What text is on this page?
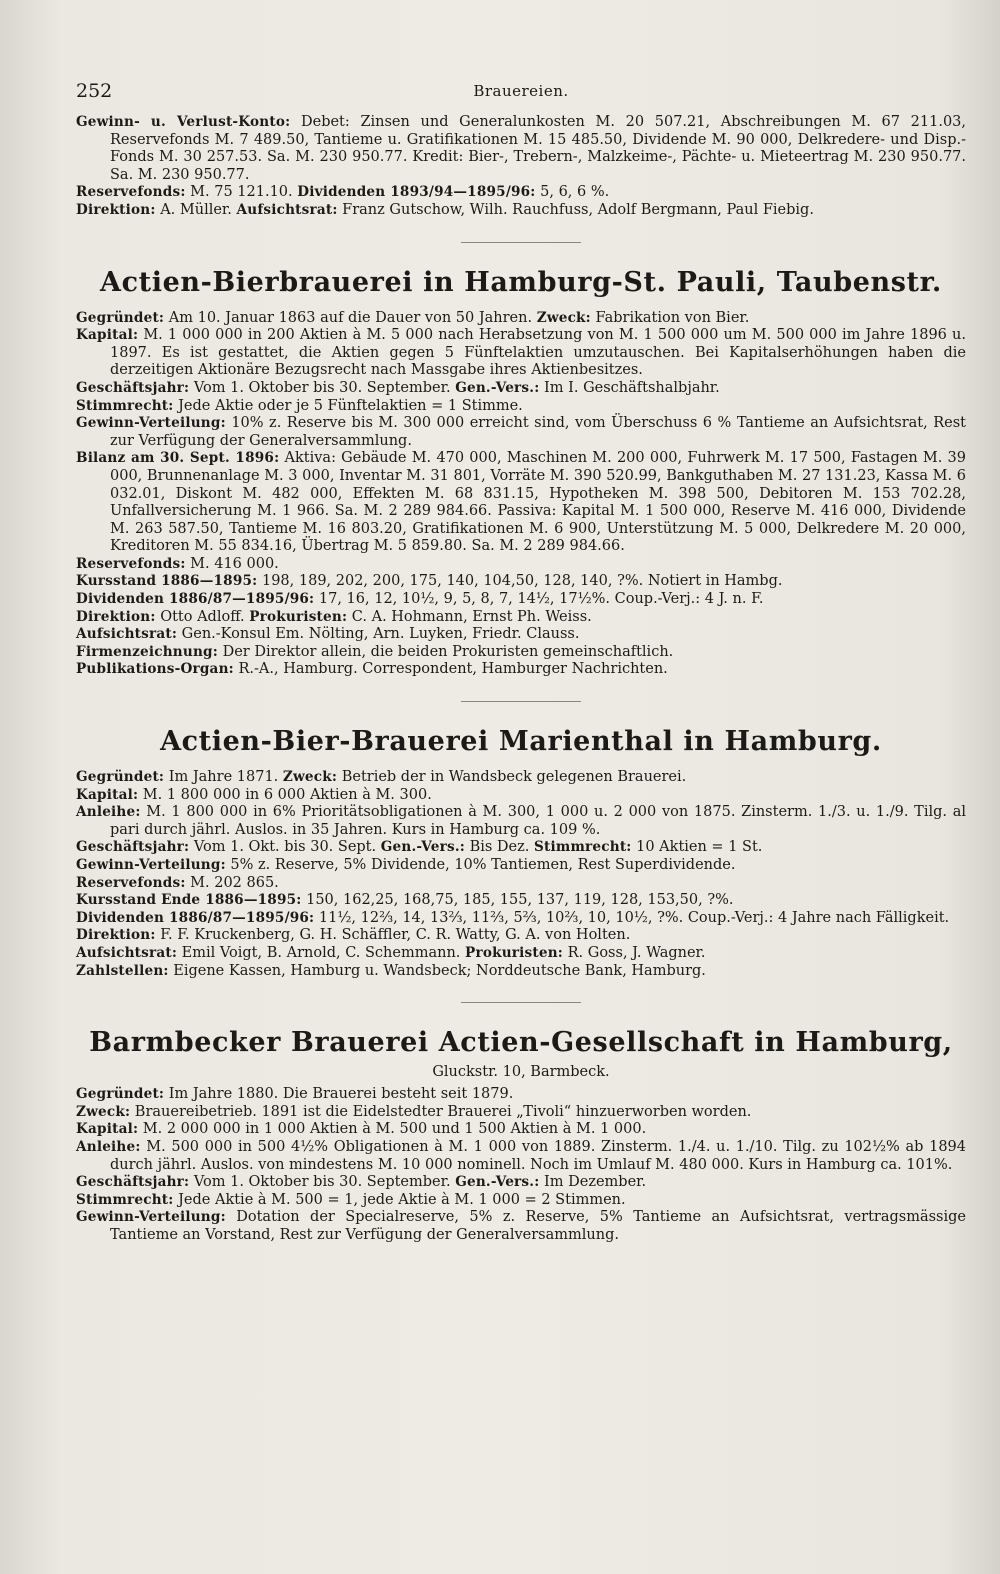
252	Brauereien.

Gewinn- u. Verlust-Konto: Debet: Zinsen und Generalunkosten M. 20 507.21, Abschreibungen M. 67 211.03, Reservefonds M. 7 489.50, Tantieme u. Gratifikationen M. 15 485.50, Dividende M. 90 000, Delkredere- und Disp.-Fonds M. 30 257.53. Sa. M. 230 950.77. Kredit: Bier-, Trebern-, Malzkeime-, Pächte- u. Mieteertrag M. 230 950.77. Sa. M. 230 950.77.

Reservefonds: M. 75 121.10. Dividenden 1893/94—1895/96: 5, 6, 6 %.

Direktion: A. Müller. Aufsichtsrat: Franz Gutschow, Wilh. Rauchfuss, Adolf Bergmann, Paul Fiebig.

Actien-Bierbrauerei in Hamburg-St. Pauli, Taubenstr.

Gegründet: Am 10. Januar 1863 auf die Dauer von 50 Jahren. Zweck: Fabrikation von Bier.

Kapital: M. 1 000 000 in 200 Aktien à M. 5 000 nach Herabsetzung von M. 1 500 000 um M. 500 000 im Jahre 1896 u. 1897. Es ist gestattet, die Aktien gegen 5 Fünftelaktien umzutauschen. Bei Kapitalserhöhungen haben die derzeitigen Aktionäre Bezugsrecht nach Massgabe ihres Aktienbesitzes.

Geschäftsjahr: Vom 1. Oktober bis 30. September. Gen.-Vers.: Im I. Geschäftshalbjahr.

Stimmrecht: Jede Aktie oder je 5 Fünftelaktien = 1 Stimme.

Gewinn-Verteilung: 10% z. Reserve bis M. 300 000 erreicht sind, vom Überschuss 6 % Tantieme an Aufsichtsrat, Rest zur Verfügung der Generalversammlung.

Bilanz am 30. Sept. 1896: Aktiva: Gebäude M. 470 000, Maschinen M. 200 000, Fuhrwerk M. 17 500, Fastagen M. 39 000, Brunnenanlage M. 3 000, Inventar M. 31 801, Vorräte M. 390 520.99, Bankguthaben M. 27 131.23, Kassa M. 6 032.01, Diskont M. 482 000, Effekten M. 68 831.15, Hypotheken M. 398 500, Debitoren M. 153 702.28, Unfallversicherung M. 1 966. Sa. M. 2 289 984.66. Passiva: Kapital M. 1 500 000, Reserve M. 416 000, Dividende M. 263 587.50, Tantieme M. 16 803.20, Gratifikationen M. 6 900, Unterstützung M. 5 000, Delkredere M. 20 000, Kreditoren M. 55 834.16, Übertrag M. 5 859.80. Sa. M. 2 289 984.66.

Reservefonds: M. 416 000.

Kursstand 1886—1895: 198, 189, 202, 200, 175, 140, 104,50, 128, 140, ?%. Notiert in Hambg.

Dividenden 1886/87—1895/96: 17, 16, 12, 10½, 9, 5, 8, 7, 14½, 17½%. Coup.-Verj.: 4 J. n. F.

Direktion: Otto Adloff. Prokuristen: C. A. Hohmann, Ernst Ph. Weiss.

Aufsichtsrat: Gen.-Konsul Em. Nölting, Arn. Luyken, Friedr. Clauss.

Firmenzeichnung: Der Direktor allein, die beiden Prokuristen gemeinschaftlich.

Publikations-Organ: R.-A., Hamburg. Correspondent, Hamburger Nachrichten.

Actien-Bier-Brauerei Marienthal in Hamburg.

Gegründet: Im Jahre 1871. Zweck: Betrieb der in Wandsbeck gelegenen Brauerei.

Kapital: M. 1 800 000 in 6 000 Aktien à M. 300.

Anleihe: M. 1 800 000 in 6% Prioritätsobligationen à M. 300, 1 000 u. 2 000 von 1875. Zinsterm. 1./3. u. 1./9. Tilg. al pari durch jährl. Auslos. in 35 Jahren. Kurs in Hamburg ca. 109 %.

Geschäftsjahr: Vom 1. Okt. bis 30. Sept. Gen.-Vers.: Bis Dez. Stimmrecht: 10 Aktien = 1 St.

Gewinn-Verteilung: 5% z. Reserve, 5% Dividende, 10% Tantiemen, Rest Superdividende.

Reservefonds: M. 202 865.

Kursstand Ende 1886—1895: 150, 162,25, 168,75, 185, 155, 137, 119, 128, 153,50, ?%.

Dividenden 1886/87—1895/96: 11½, 12⅔, 14, 13⅔, 11⅔, 5⅔, 10⅔, 10, 10½, ?%. Coup.-Verj.: 4 Jahre nach Fälligkeit.

Direktion: F. F. Kruckenberg, G. H. Schäffler, C. R. Watty, G. A. von Holten.

Aufsichtsrat: Emil Voigt, B. Arnold, C. Schemmann. Prokuristen: R. Goss, J. Wagner.

Zahlstellen: Eigene Kassen, Hamburg u. Wandsbeck; Norddeutsche Bank, Hamburg.

Barmbecker Brauerei Actien-Gesellschaft in Hamburg,
Gluckstr. 10, Barmbeck.

Gegründet: Im Jahre 1880. Die Brauerei besteht seit 1879.

Zweck: Brauereibetrieb. 1891 ist die Eidelstedter Brauerei „Tivoli“ hinzuerworben worden.

Kapital: M. 2 000 000 in 1 000 Aktien à M. 500 und 1 500 Aktien à M. 1 000.

Anleihe: M. 500 000 in 500 4½% Obligationen à M. 1 000 von 1889. Zinsterm. 1./4. u. 1./10. Tilg. zu 102½% ab 1894 durch jährl. Auslos. von mindestens M. 10 000 nominell. Noch im Umlauf M. 480 000. Kurs in Hamburg ca. 101%.

Geschäftsjahr: Vom 1. Oktober bis 30. September. Gen.-Vers.: Im Dezember.

Stimmrecht: Jede Aktie à M. 500 = 1, jede Aktie à M. 1 000 = 2 Stimmen.

Gewinn-Verteilung: Dotation der Specialreserve, 5% z. Reserve, 5% Tantieme an Aufsichtsrat, vertragsmässige Tantieme an Vorstand, Rest zur Verfügung der Generalversammlung.
